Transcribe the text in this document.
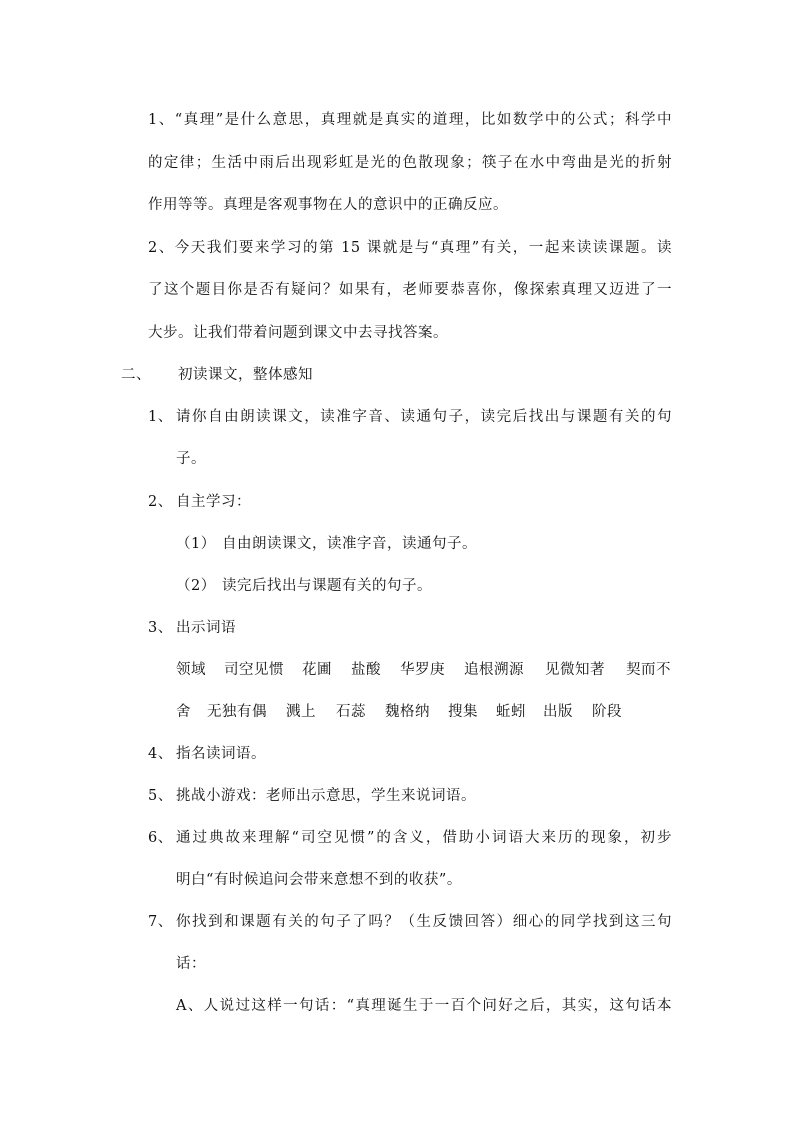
1、“真理”是什么意思，真理就是真实的道理，比如数学中的公式；科学中
的定律；生活中雨后出现彩虹是光的色散现象；筷子在水中弯曲是光的折射
作用等等。真理是客观事物在人的意识中的正确反应。
2、今天我们要来学习的第 15 课就是与“真理”有关，一起来读读课题。读
了这个题目你是否有疑问？如果有，老师要恭喜你，像探索真理又迈进了一
大步。让我们带着问题到课文中去寻找答案。
二、 初读课文，整体感知
1、 请你自由朗读课文，读准字音、读通句子，读完后找出与课题有关的句
子。
2、 自主学习：
（1） 自由朗读课文，读准字音，读通句子。
（2） 读完后找出与课题有关的句子。
3、 出示词语
领域 司空见惯 花圃 盐酸 华罗庚 追根溯源 见微知著 契而不
舍 无独有偶 溅上 石蕊 魏格纳 搜集 蚯蚓 出版 阶段
4、 指名读词语。
5、 挑战小游戏：老师出示意思，学生来说词语。
6、 通过典故来理解“司空见惯”的含义，借助小词语大来历的现象，初步
明白“有时候追问会带来意想不到的收获”。
7、 你找到和课题有关的句子了吗？（生反馈回答）细心的同学找到这三句
话：
A、人说过这样一句话：“真理诞生于一百个问好之后，其实，这句话本
